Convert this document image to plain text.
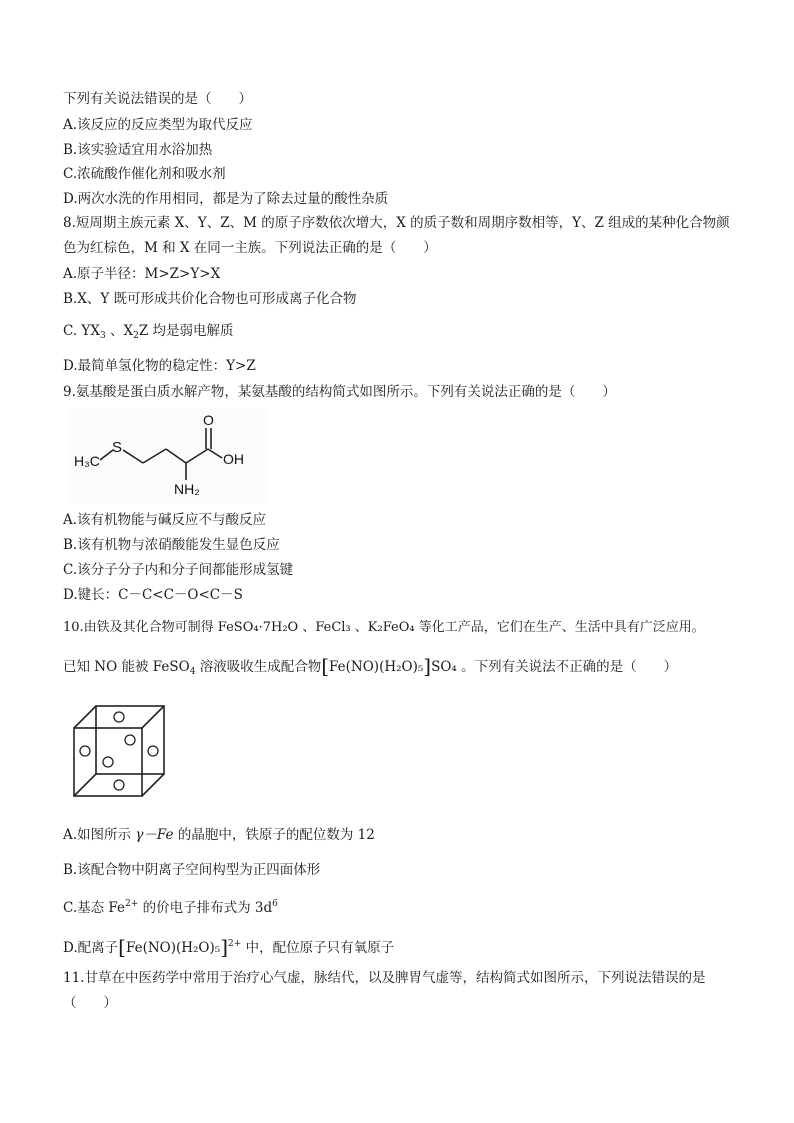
下列有关说法错误的是（　　）
A.该反应的反应类型为取代反应
B.该实验适宜用水浴加热
C.浓硫酸作催化剂和吸水剂
D.两次水洗的作用相同，都是为了除去过量的酸性杂质
8.短周期主族元素 X、Y、Z、M 的原子序数依次增大，X 的质子数和周期序数相等，Y、Z 组成的某种化合物颜色为红棕色，M 和 X 在同一主族。下列说法正确的是（　　）
A.原子半径：M>Z>Y>X
B.X、Y 既可形成共价化合物也可形成离子化合物
C. $YX_3$ 、$X_2Z$ 均是弱电解质
D.最简单氢化物的稳定性：Y>Z
9.氨基酸是蛋白质水解产物，某氨基酸的结构简式如图所示。下列有关说法正确的是（　　）
H₃C
S
O
OH
NH₂
A.该有机物能与碱反应不与酸反应
B.该有机物与浓硝酸能发生显色反应
C.该分子分子内和分子间都能形成氢键
D.键长：C－C<C－O<C－S
10.由铁及其化合物可制得 FeSO₄·7H₂O 、FeCl₃ 、K₂FeO₄ 等化工产品，它们在生产、生活中具有广泛应用。
已知 NO 能被 FeSO$_4$ 溶液吸收生成配合物[Fe(NO)(H₂O)₅]SO₄ 。下列有关说法不正确的是（　　）
A.如图所示 γ－Fe 的晶胞中，铁原子的配位数为 12
B.该配合物中阴离子空间构型为正四面体形
C.基态 $Fe^{2+}$ 的价电子排布式为 $3d^6$
D.配离子$[Fe(NO)(H_2O)_5]^{2+}$ 中，配位原子只有氧原子
11.甘草在中医药学中常用于治疗心气虚，脉结代，以及脾胃气虚等，结构简式如图所示，下列说法错误的是（　　）
